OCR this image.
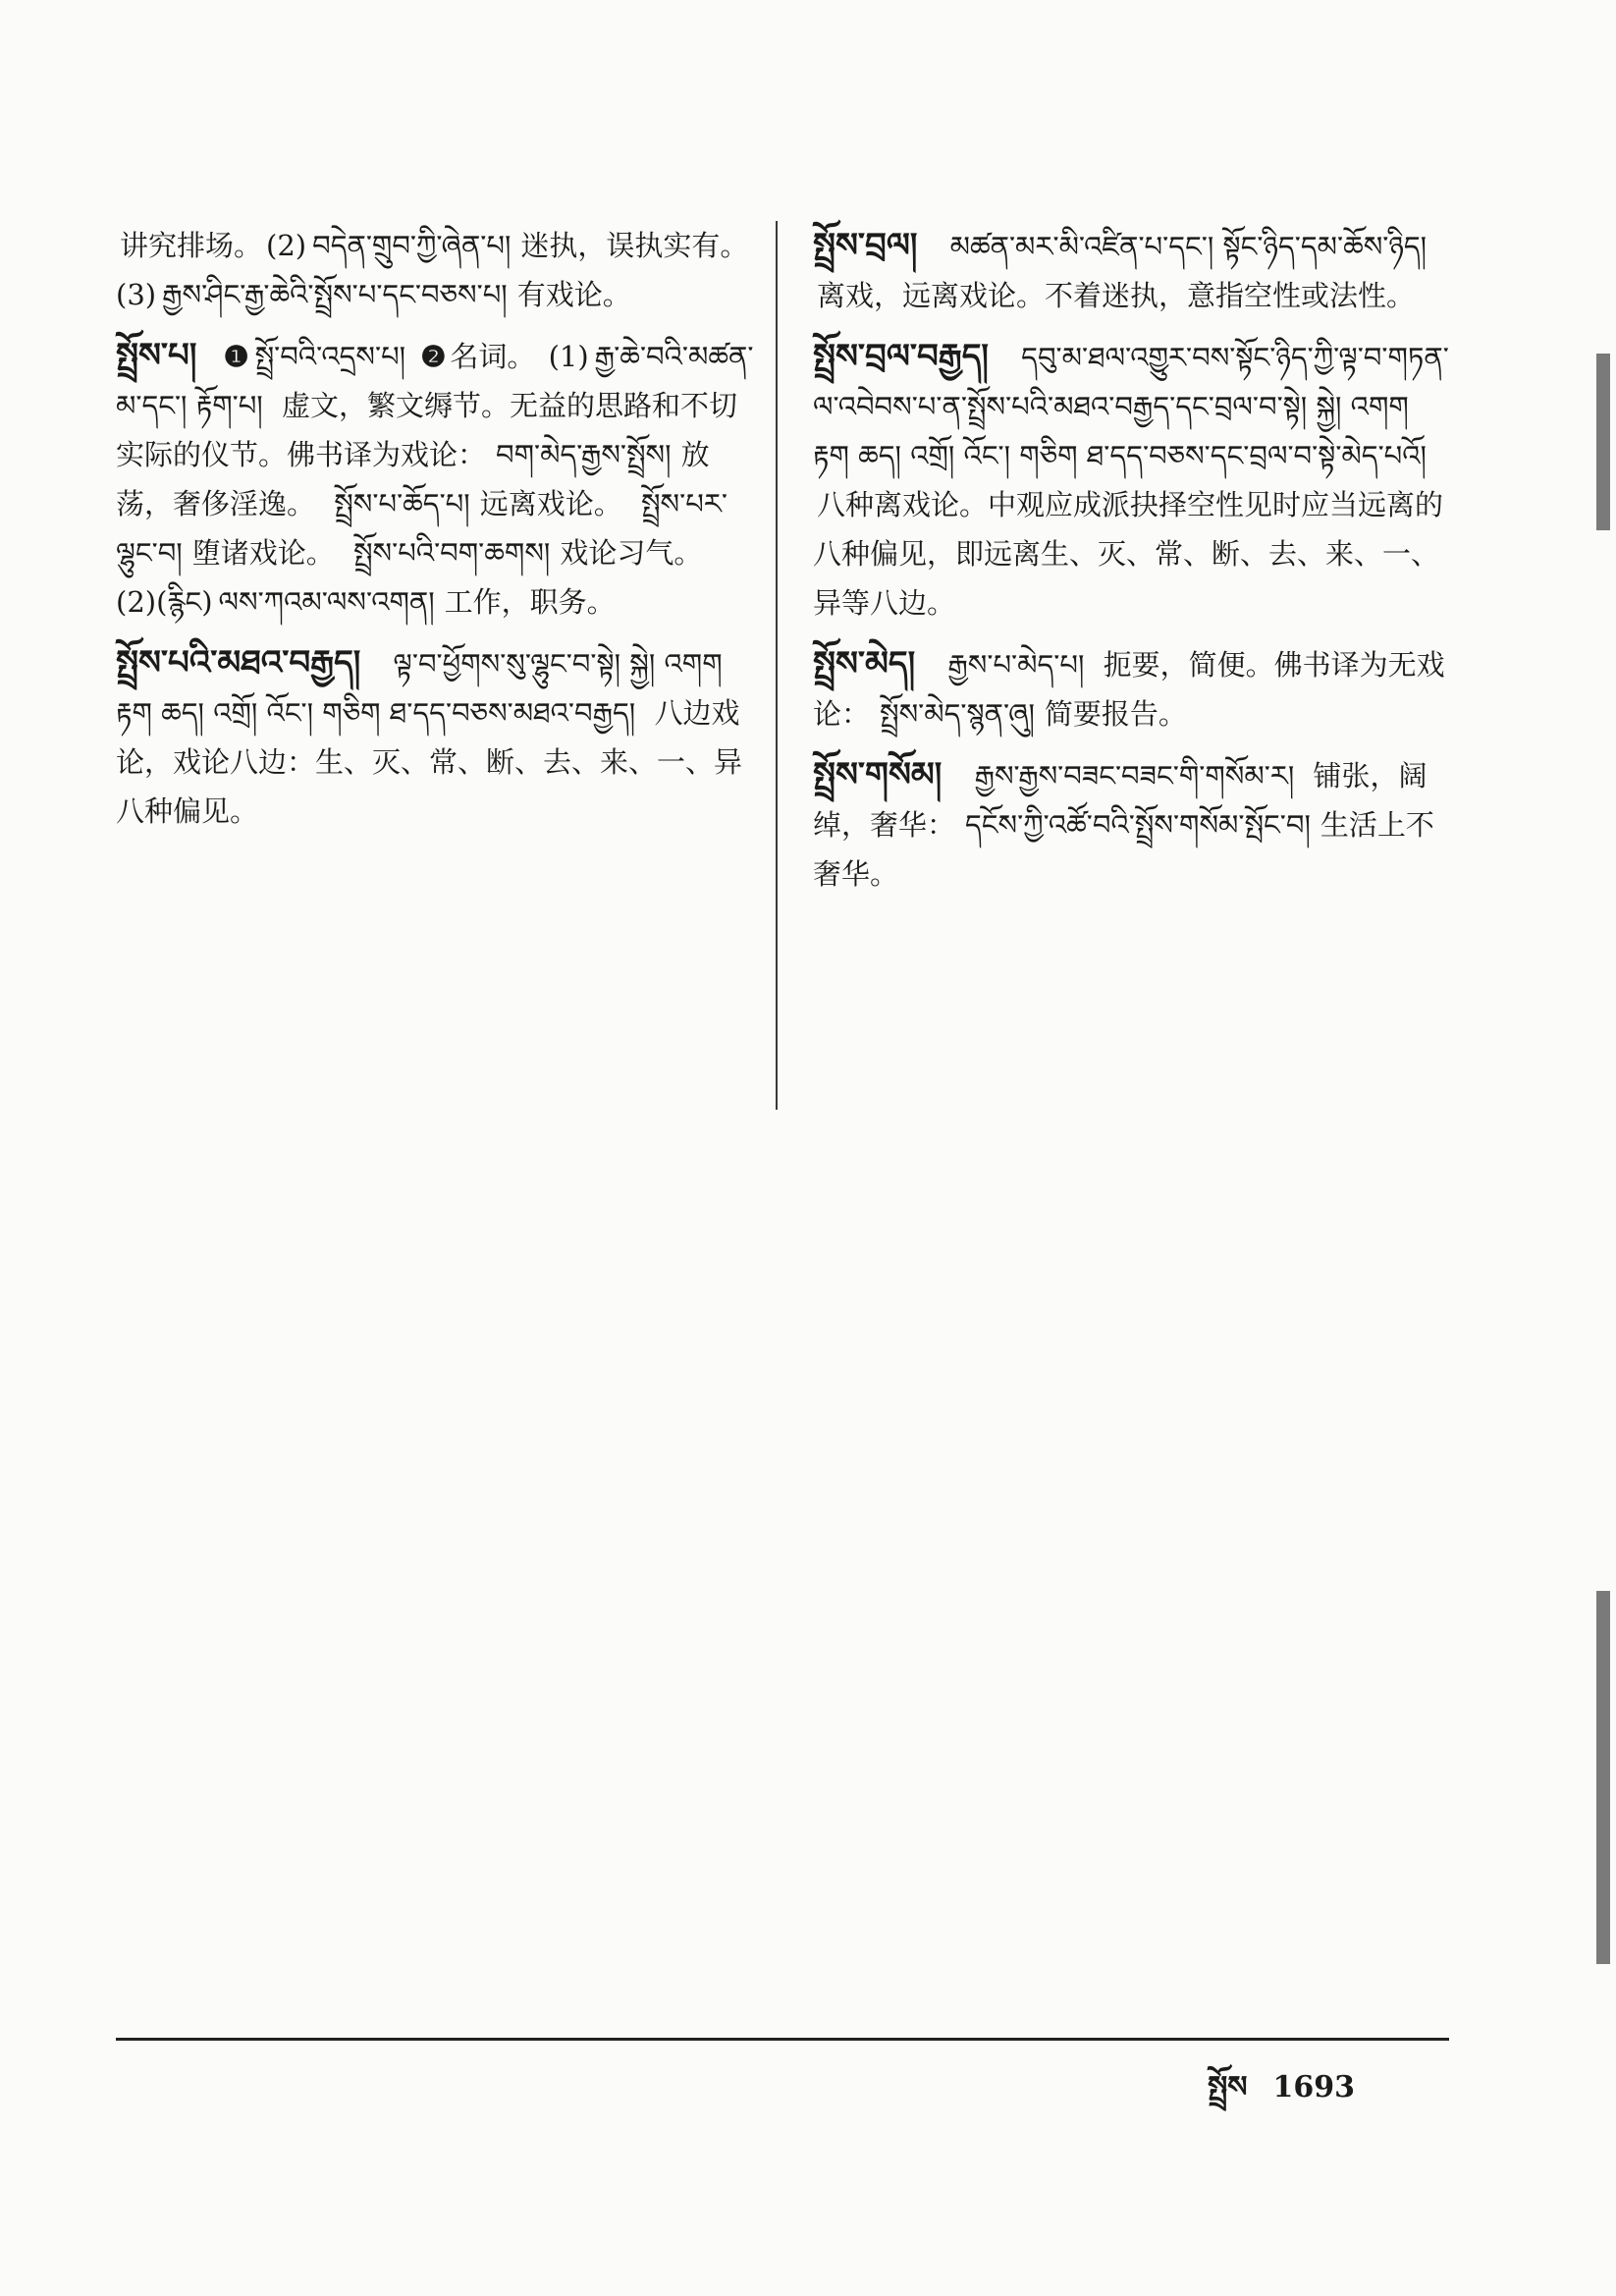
讲究排场。 (2) བདེན་གྲུབ་ཀྱི་ཞེན་པ། 迷执，误执实有。(3) རྒྱས་ཤིང་རྒྱ་ཆེའི་སྤྲོས་པ་དང་བཅས་པ། 有戏论。
སྤྲོས་པ། ❶ སྤྲོ་བའི་འདྲས་པ། ❷ 名词。 (1) རྒྱ་ཆེ་བའི་མཚན་མ་དང་། རྟོག་པ། 虚文，繁文缛节。无益的思路和不切实际的仪节。佛书译为戏论： བག་མེད་རྒྱས་སྤྲོས། 放荡，奢侈淫逸。 སྤྲོས་པ་ཆོད་པ། 远离戏论。 སྤྲོས་པར་ལྷུང་བ། 堕诸戏论。 སྤྲོས་པའི་བག་ཆགས། 戏论习气。 (2)(རྙིང) ལས་ཀའམ་ལས་འགན། 工作，职务。
སྤྲོས་པའི་མཐའ་བརྒྱད། ལྟ་བ་ཕྱོགས་སུ་ལྷུང་བ་སྟེ། སྐྱེ། འགག རྟག ཆད། འགྲོ། འོང་། གཅིག ཐ་དད་བཅས་མཐའ་བརྒྱད། 八边戏论，戏论八边：生、灭、常、断、去、来、一、异八种偏见。
སྤྲོས་བྲལ། མཚན་མར་མི་འཛིན་པ་དང་། སྟོང་ཉིད་དམ་ཆོས་ཉིད། 离戏，远离戏论。不着迷执，意指空性或法性。
སྤྲོས་བྲལ་བརྒྱད། དབུ་མ་ཐལ་འགྱུར་བས་སྟོང་ཉིད་ཀྱི་ལྟ་བ་གཏན་ལ་འབེབས་པ་ན་སྤྲོས་པའི་མཐའ་བརྒྱད་དང་བྲལ་བ་སྟེ། སྐྱེ། འགག རྟག ཆད། འགྲོ། འོང་། གཅིག ཐ་དད་བཅས་དང་བྲལ་བ་སྟེ་མེད་པའོ། 八种离戏论。中观应成派抉择空性见时应当远离的八种偏见，即远离生、灭、常、断、去、来、一、异等八边。
སྤྲོས་མེད། རྒྱས་པ་མེད་པ། 扼要，简便。佛书译为无戏论： སྤྲོས་མེད་སྙན་ཞུ། 简要报告。
སྤྲོས་གསོམ། རྒྱས་རྒྱས་བཟང་བཟང་གི་གསོམ་ར། 铺张，阔绰，奢华： དངོས་ཀྱི་འཚོ་བའི་སྤྲོས་གསོམ་སྤོང་བ། 生活上不奢华。
སྤྲོས 1693
